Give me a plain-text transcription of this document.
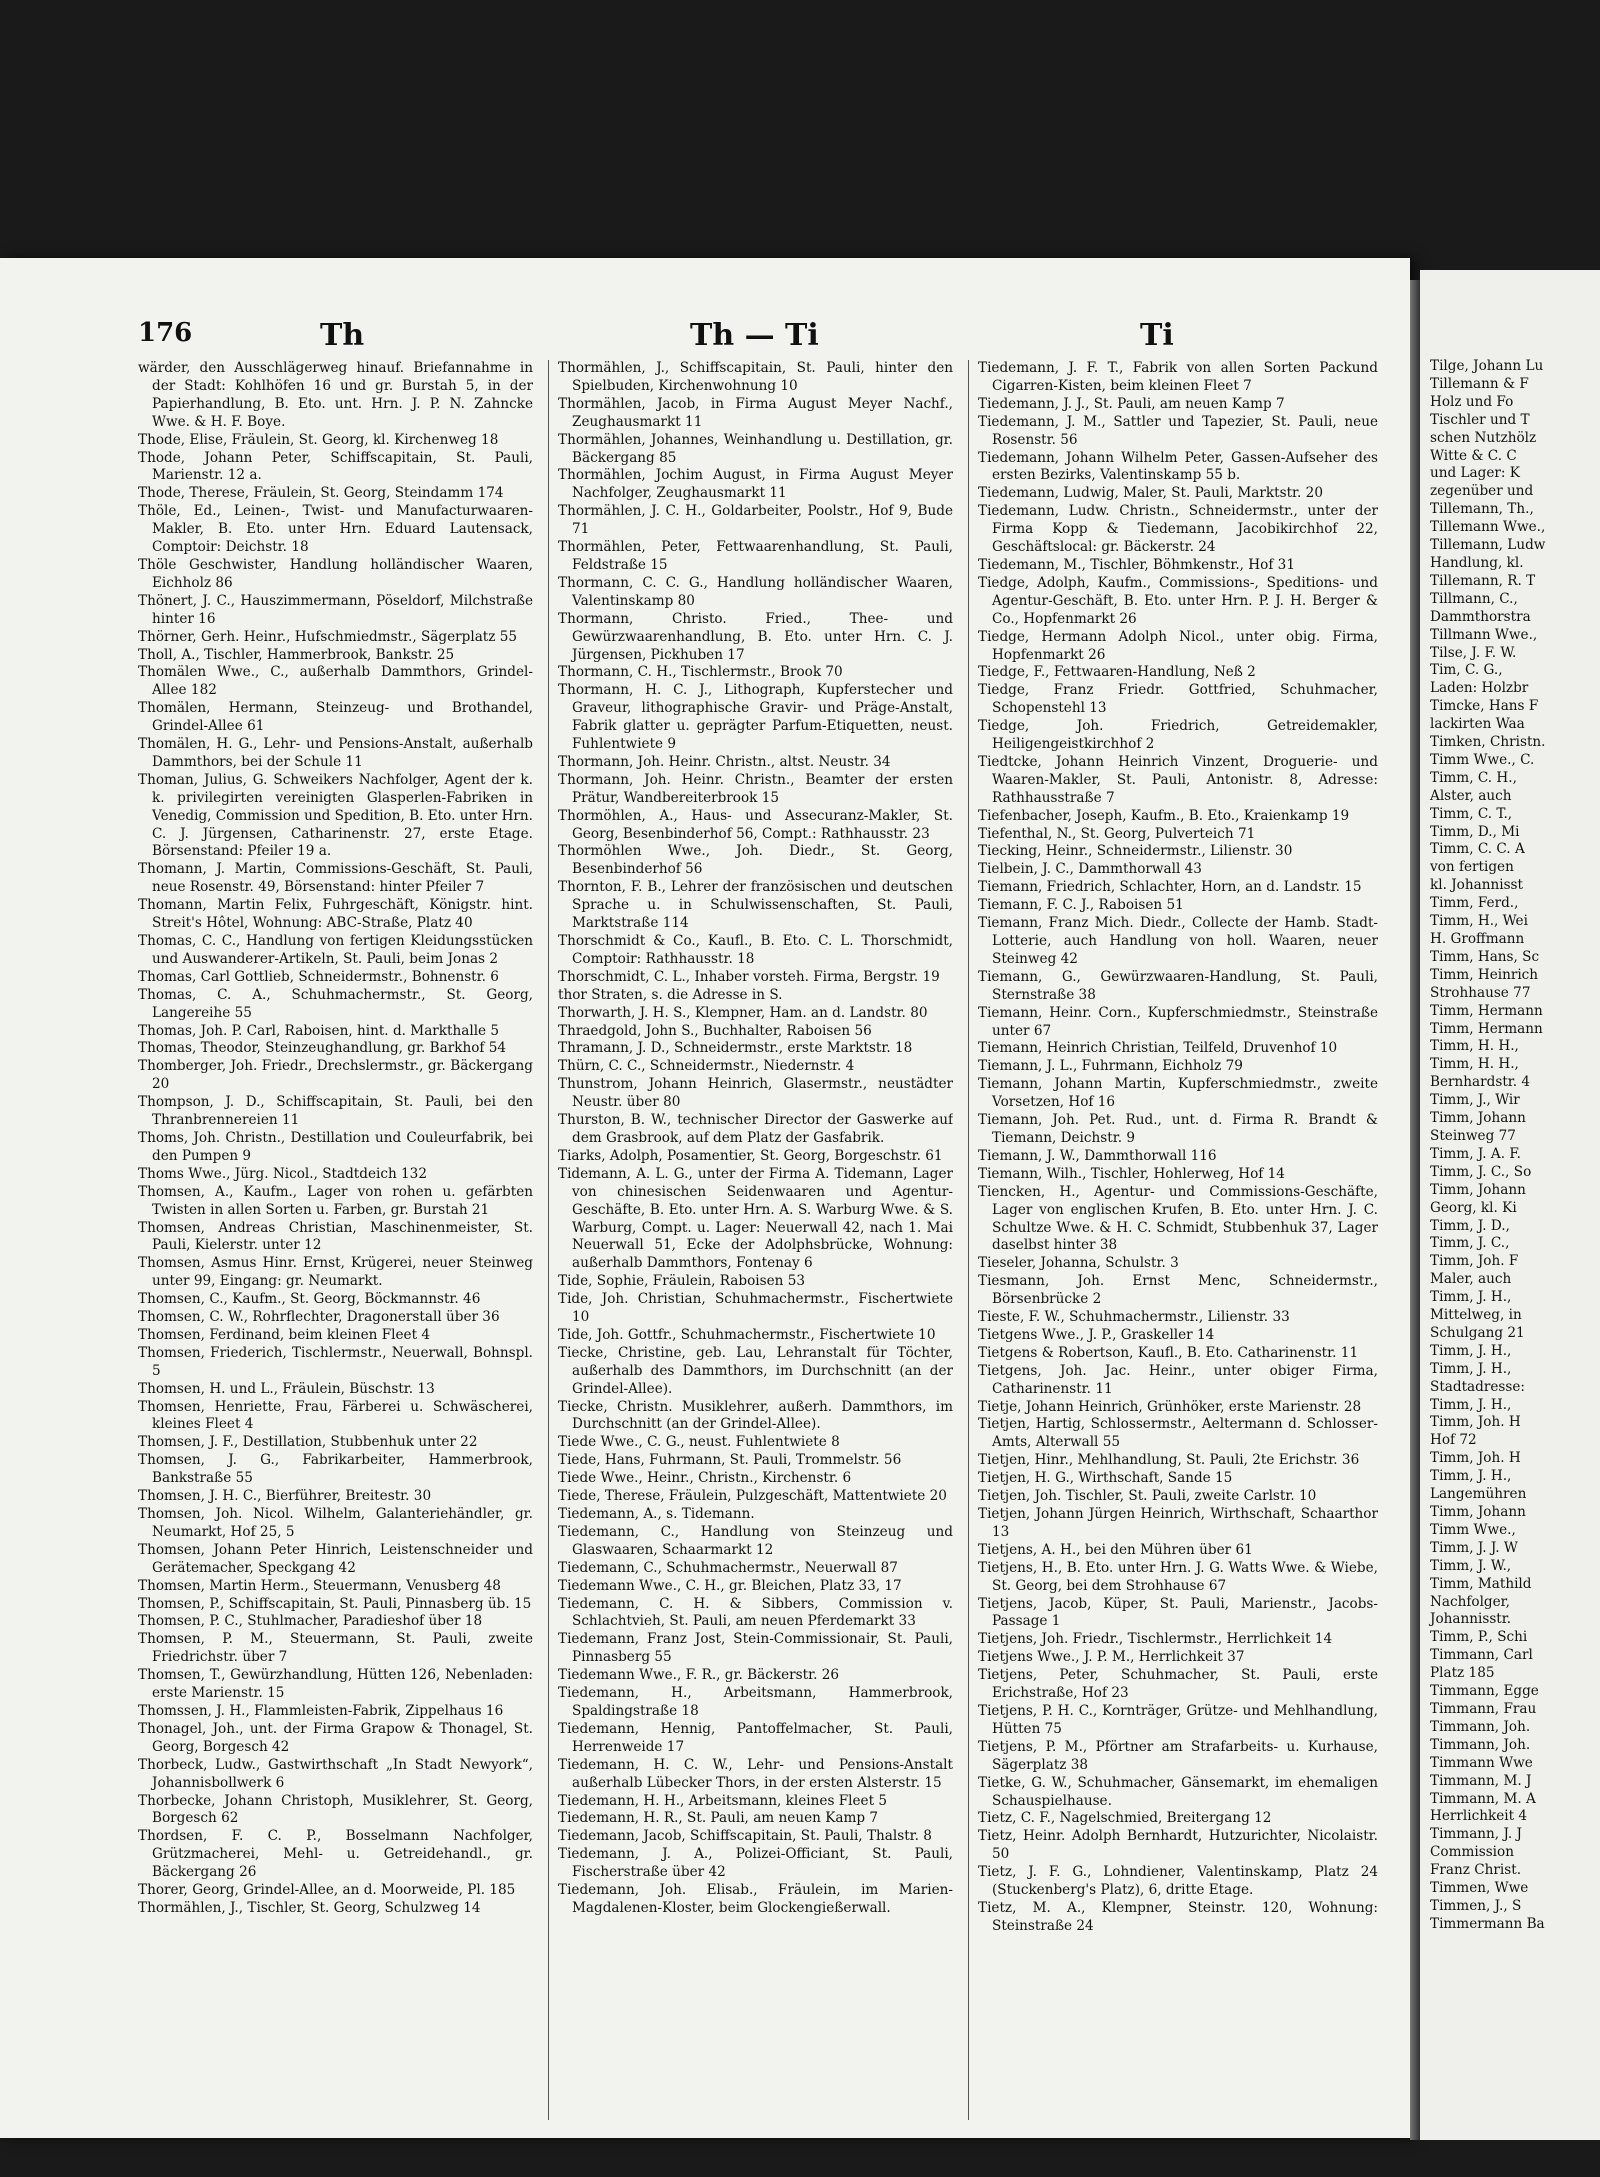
176	Th	Th — Ti	Ti

wärder, den Ausschlägerweg hinauf. Briefannahme in der Stadt: Kohlhöfen 16 und gr. Burstah 5, in der Papierhandlung, B. Eto. unt. Hrn. J. P. N. Zahncke Wwe. & H. F. Boye.

Thode, Elise, Fräulein, St. Georg, kl. Kirchenweg 18

Thode, Johann Peter, Schiffscapitain, St. Pauli, Marienstr. 12 a.

Thode, Therese, Fräulein, St. Georg, Steindamm 174

Thöle, Ed., Leinen-, Twist- und Manufacturwaaren-Makler, B. Eto. unter Hrn. Eduard Lautensack, Comptoir: Deichstr. 18

Thöle Geschwister, Handlung holländischer Waaren, Eichholz 86

Thönert, J. C., Hauszimmermann, Pöseldorf, Milchstraße hinter 16

Thörner, Gerh. Heinr., Hufschmiedmstr., Sägerplatz 55

Tholl, A., Tischler, Hammerbrook, Bankstr. 25

Thomälen Wwe., C., außerhalb Dammthors, Grindel-Allee 182

Thomälen, Hermann, Steinzeug- und Brothandel, Grindel-Allee 61

Thomälen, H. G., Lehr- und Pensions-Anstalt, außerhalb Dammthors, bei der Schule 11

Thoman, Julius, G. Schweikers Nachfolger, Agent der k. k. privilegirten vereinigten Glasperlen-Fabriken in Venedig, Commission und Spedition, B. Eto. unter Hrn. C. J. Jürgensen, Catharinenstr. 27, erste Etage. Börsenstand: Pfeiler 19 a.

Thomann, J. Martin, Commissions-Geschäft, St. Pauli, neue Rosenstr. 49, Börsenstand: hinter Pfeiler 7

Thomann, Martin Felix, Fuhrgeschäft, Königstr. hint. Streit's Hôtel, Wohnung: ABC-Straße, Platz 40

Thomas, C. C., Handlung von fertigen Kleidungsstücken und Auswanderer-Artikeln, St. Pauli, beim Jonas 2

Thomas, Carl Gottlieb, Schneidermstr., Bohnenstr. 6

Thomas, C. A., Schuhmachermstr., St. Georg, Langereihe 55

Thomas, Joh. P. Carl, Raboisen, hint. d. Markthalle 5

Thomas, Theodor, Steinzeughandlung, gr. Barkhof 54

Thomberger, Joh. Friedr., Drechslermstr., gr. Bäckergang 20

Thompson, J. D., Schiffscapitain, St. Pauli, bei den Thranbrennereien 11

Thoms, Joh. Christn., Destillation und Couleurfabrik, bei den Pumpen 9

Thoms Wwe., Jürg. Nicol., Stadtdeich 132

Thomsen, A., Kaufm., Lager von rohen u. gefärbten Twisten in allen Sorten u. Farben, gr. Burstah 21

Thomsen, Andreas Christian, Maschinenmeister, St. Pauli, Kielerstr. unter 12

Thomsen, Asmus Hinr. Ernst, Krügerei, neuer Steinweg unter 99, Eingang: gr. Neumarkt.

Thomsen, C., Kaufm., St. Georg, Böckmannstr. 46

Thomsen, C. W., Rohrflechter, Dragonerstall über 36

Thomsen, Ferdinand, beim kleinen Fleet 4

Thomsen, Friederich, Tischlermstr., Neuerwall, Bohnspl. 5

Thomsen, H. und L., Fräulein, Büschstr. 13

Thomsen, Henriette, Frau, Färberei u. Schwäscherei, kleines Fleet 4

Thomsen, J. F., Destillation, Stubbenhuk unter 22

Thomsen, J. G., Fabrikarbeiter, Hammerbrook, Bankstraße 55

Thomsen, J. H. C., Bierführer, Breitestr. 30

Thomsen, Joh. Nicol. Wilhelm, Galanteriehändler, gr. Neumarkt, Hof 25, 5

Thomsen, Johann Peter Hinrich, Leistenschneider und Gerätemacher, Speckgang 42

Thomsen, Martin Herm., Steuermann, Venusberg 48

Thomsen, P., Schiffscapitain, St. Pauli, Pinnasberg üb. 15

Thomsen, P. C., Stuhlmacher, Paradieshof über 18

Thomsen, P. M., Steuermann, St. Pauli, zweite Friedrichstr. über 7

Thomsen, T., Gewürzhandlung, Hütten 126, Nebenladen: erste Marienstr. 15

Thomssen, J. H., Flammleisten-Fabrik, Zippelhaus 16

Thonagel, Joh., unt. der Firma Grapow & Thonagel, St. Georg, Borgesch 42

Thorbeck, Ludw., Gastwirthschaft „In Stadt Newyork“, Johannisbollwerk 6

Thorbecke, Johann Christoph, Musiklehrer, St. Georg, Borgesch 62

Thordsen, F. C. P., Bosselmann Nachfolger, Grützmacherei, Mehl- u. Getreidehandl., gr. Bäckergang 26

Thorer, Georg, Grindel-Allee, an d. Moorweide, Pl. 185

Thormählen, J., Tischler, St. Georg, Schulzweg 14

Thormählen, J., Schiffscapitain, St. Pauli, hinter den Spielbuden, Kirchenwohnung 10

Thormählen, Jacob, in Firma August Meyer Nachf., Zeughausmarkt 11

Thormählen, Johannes, Weinhandlung u. Destillation, gr. Bäckergang 85

Thormählen, Jochim August, in Firma August Meyer Nachfolger, Zeughausmarkt 11

Thormählen, J. C. H., Goldarbeiter, Poolstr., Hof 9, Bude 71

Thormählen, Peter, Fettwaarenhandlung, St. Pauli, Feldstraße 15

Thormann, C. C. G., Handlung holländischer Waaren, Valentinskamp 80

Thormann, Christo. Fried., Thee- und Gewürzwaarenhandlung, B. Eto. unter Hrn. C. J. Jürgensen, Pickhuben 17

Thormann, C. H., Tischlermstr., Brook 70

Thormann, H. C. J., Lithograph, Kupferstecher und Graveur, lithographische Gravir- und Präge-Anstalt, Fabrik glatter u. geprägter Parfum-Etiquetten, neust. Fuhlentwiete 9

Thormann, Joh. Heinr. Christn., altst. Neustr. 34

Thormann, Joh. Heinr. Christn., Beamter der ersten Prätur, Wandbereiterbrook 15

Thormöhlen, A., Haus- und Assecuranz-Makler, St. Georg, Besenbinderhof 56, Compt.: Rathhausstr. 23

Thormöhlen Wwe., Joh. Diedr., St. Georg, Besenbinderhof 56

Thornton, F. B., Lehrer der französischen und deutschen Sprache u. in Schulwissenschaften, St. Pauli, Marktstraße 114

Thorschmidt & Co., Kaufl., B. Eto. C. L. Thorschmidt, Comptoir: Rathhausstr. 18

Thorschmidt, C. L., Inhaber vorsteh. Firma, Bergstr. 19

thor Straten, s. die Adresse in S.

Thorwarth, J. H. S., Klempner, Ham. an d. Landstr. 80

Thraedgold, John S., Buchhalter, Raboisen 56

Thramann, J. D., Schneidermstr., erste Marktstr. 18

Thürn, C. C., Schneidermstr., Niedernstr. 4

Thunstrom, Johann Heinrich, Glasermstr., neustädter Neustr. über 80

Thurston, B. W., technischer Director der Gaswerke auf dem Grasbrook, auf dem Platz der Gasfabrik.

Tiarks, Adolph, Posamentier, St. Georg, Borgeschstr. 61

Tidemann, A. L. G., unter der Firma A. Tidemann, Lager von chinesischen Seidenwaaren und Agentur-Geschäfte, B. Eto. unter Hrn. A. S. Warburg Wwe. & S. Warburg, Compt. u. Lager: Neuerwall 42, nach 1. Mai Neuerwall 51, Ecke der Adolphsbrücke, Wohnung: außerhalb Dammthors, Fontenay 6

Tide, Sophie, Fräulein, Raboisen 53

Tide, Joh. Christian, Schuhmachermstr., Fischertwiete 10

Tide, Joh. Gottfr., Schuhmachermstr., Fischertwiete 10

Tiecke, Christine, geb. Lau, Lehranstalt für Töchter, außerhalb des Dammthors, im Durchschnitt (an der Grindel-Allee).

Tiecke, Christn. Musiklehrer, außerh. Dammthors, im Durchschnitt (an der Grindel-Allee).

Tiede Wwe., C. G., neust. Fuhlentwiete 8

Tiede, Hans, Fuhrmann, St. Pauli, Trommelstr. 56

Tiede Wwe., Heinr., Christn., Kirchenstr. 6

Tiede, Therese, Fräulein, Pulzgeschäft, Mattentwiete 20

Tiedemann, A., s. Tidemann.

Tiedemann, C., Handlung von Steinzeug und Glaswaaren, Schaarmarkt 12

Tiedemann, C., Schuhmachermstr., Neuerwall 87

Tiedemann Wwe., C. H., gr. Bleichen, Platz 33, 17

Tiedemann, C. H. & Sibbers, Commission v. Schlachtvieh, St. Pauli, am neuen Pferdemarkt 33

Tiedemann, Franz Jost, Stein-Commissionair, St. Pauli, Pinnasberg 55

Tiedemann Wwe., F. R., gr. Bäckerstr. 26

Tiedemann, H., Arbeitsmann, Hammerbrook, Spaldingstraße 18

Tiedemann, Hennig, Pantoffelmacher, St. Pauli, Herrenweide 17

Tiedemann, H. C. W., Lehr- und Pensions-Anstalt außerhalb Lübecker Thors, in der ersten Alsterstr. 15

Tiedemann, H. H., Arbeitsmann, kleines Fleet 5

Tiedemann, H. R., St. Pauli, am neuen Kamp 7

Tiedemann, Jacob, Schiffscapitain, St. Pauli, Thalstr. 8

Tiedemann, J. A., Polizei-Officiant, St. Pauli, Fischerstraße über 42

Tiedemann, Joh. Elisab., Fräulein, im Marien-Magdalenen-Kloster, beim Glockengießerwall.

Tiedemann, J. F. T., Fabrik von allen Sorten Packund Cigarren-Kisten, beim kleinen Fleet 7

Tiedemann, J. J., St. Pauli, am neuen Kamp 7

Tiedemann, J. M., Sattler und Tapezier, St. Pauli, neue Rosenstr. 56

Tiedemann, Johann Wilhelm Peter, Gassen-Aufseher des ersten Bezirks, Valentinskamp 55 b.

Tiedemann, Ludwig, Maler, St. Pauli, Marktstr. 20

Tiedemann, Ludw. Christn., Schneidermstr., unter der Firma Kopp & Tiedemann, Jacobikirchhof 22, Geschäftslocal: gr. Bäckerstr. 24

Tiedemann, M., Tischler, Böhmkenstr., Hof 31

Tiedge, Adolph, Kaufm., Commissions-, Speditions- und Agentur-Geschäft, B. Eto. unter Hrn. P. J. H. Berger & Co., Hopfenmarkt 26

Tiedge, Hermann Adolph Nicol., unter obig. Firma, Hopfenmarkt 26

Tiedge, F., Fettwaaren-Handlung, Neß 2

Tiedge, Franz Friedr. Gottfried, Schuhmacher, Schopenstehl 13

Tiedge, Joh. Friedrich, Getreidemakler, Heiligengeistkirchhof 2

Tiedtcke, Johann Heinrich Vinzent, Droguerie- und Waaren-Makler, St. Pauli, Antonistr. 8, Adresse: Rathhausstraße 7

Tiefenbacher, Joseph, Kaufm., B. Eto., Kraienkamp 19

Tiefenthal, N., St. Georg, Pulverteich 71

Tiecking, Heinr., Schneidermstr., Lilienstr. 30

Tielbein, J. C., Dammthorwall 43

Tiemann, Friedrich, Schlachter, Horn, an d. Landstr. 15

Tiemann, F. C. J., Raboisen 51

Tiemann, Franz Mich. Diedr., Collecte der Hamb. Stadt-Lotterie, auch Handlung von holl. Waaren, neuer Steinweg 42

Tiemann, G., Gewürzwaaren-Handlung, St. Pauli, Sternstraße 38

Tiemann, Heinr. Corn., Kupferschmiedmstr., Steinstraße unter 67

Tiemann, Heinrich Christian, Teilfeld, Druvenhof 10

Tiemann, J. L., Fuhrmann, Eichholz 79

Tiemann, Johann Martin, Kupferschmiedmstr., zweite Vorsetzen, Hof 16

Tiemann, Joh. Pet. Rud., unt. d. Firma R. Brandt & Tiemann, Deichstr. 9

Tiemann, J. W., Dammthorwall 116

Tiemann, Wilh., Tischler, Hohlerweg, Hof 14

Tiencken, H., Agentur- und Commissions-Geschäfte, Lager von englischen Krufen, B. Eto. unter Hrn. J. C. Schultze Wwe. & H. C. Schmidt, Stubbenhuk 37, Lager daselbst hinter 38

Tieseler, Johanna, Schulstr. 3

Tiesmann, Joh. Ernst Menc, Schneidermstr., Börsenbrücke 2

Tieste, F. W., Schuhmachermstr., Lilienstr. 33

Tietgens Wwe., J. P., Graskeller 14

Tietgens & Robertson, Kaufl., B. Eto. Catharinenstr. 11

Tietgens, Joh. Jac. Heinr., unter obiger Firma, Catharinenstr. 11

Tietje, Johann Heinrich, Grünhöker, erste Marienstr. 28

Tietjen, Hartig, Schlossermstr., Aeltermann d. Schlosser-Amts, Alterwall 55

Tietjen, Hinr., Mehlhandlung, St. Pauli, 2te Erichstr. 36

Tietjen, H. G., Wirthschaft, Sande 15

Tietjen, Joh. Tischler, St. Pauli, zweite Carlstr. 10

Tietjen, Johann Jürgen Heinrich, Wirthschaft, Schaarthor 13

Tietjens, A. H., bei den Mühren über 61

Tietjens, H., B. Eto. unter Hrn. J. G. Watts Wwe. & Wiebe, St. Georg, bei dem Strohhause 67

Tietjens, Jacob, Küper, St. Pauli, Marienstr., Jacobs-Passage 1

Tietjens, Joh. Friedr., Tischlermstr., Herrlichkeit 14

Tietjens Wwe., J. P. M., Herrlichkeit 37

Tietjens, Peter, Schuhmacher, St. Pauli, erste Erichstraße, Hof 23

Tietjens, P. H. C., Kornträger, Grütze- und Mehlhandlung, Hütten 75

Tietjens, P. M., Pförtner am Strafarbeits- u. Kurhause, Sägerplatz 38

Tietke, G. W., Schuhmacher, Gänsemarkt, im ehemaligen Schauspielhause.

Tietz, C. F., Nagelschmied, Breitergang 12

Tietz, Heinr. Adolph Bernhardt, Hutzurichter, Nicolaistr. 50

Tietz, J. F. G., Lohndiener, Valentinskamp, Platz 24 (Stuckenberg's Platz), 6, dritte Etage.

Tietz, M. A., Klempner, Steinstr. 120, Wohnung: Steinstraße 24

Tilge, Johann Lu

Tillemann & F

Holz und Fo

Tischler und T

schen Nutzhölz

Witte & C. C

und Lager: K

zegenüber und

Tillemann, Th.,

Tillemann Wwe.,

Tillemann, Ludw

Handlung, kl.

Tillemann, R. T

Tillmann, C.,

Dammthorstra

Tillmann Wwe.,

Tilse, J. F. W.

Tim, C. G.,

Laden: Holzbr

Timcke, Hans F

lackirten Waa

Timken, Christn.

Timm Wwe., C.

Timm, C. H.,

Alster, auch

Timm, C. T.,

Timm, D., Mi

Timm, C. C. A

von fertigen

kl. Johannisst

Timm, Ferd.,

Timm, H., Wei

H. Groffmann

Timm, Hans, Sc

Timm, Heinrich

Strohhause 77

Timm, Hermann

Timm, Hermann

Timm, H. H.,

Timm, H. H.,

Bernhardstr. 4

Timm, J., Wir

Timm, Johann

Steinweg 77

Timm, J. A. F.

Timm, J. C., So

Timm, Johann

Georg, kl. Ki

Timm, J. D.,

Timm, J. C.,

Timm, Joh. F

Maler, auch

Timm, J. H.,

Mittelweg, in

Schulgang 21

Timm, J. H.,

Timm, J. H.,

Stadtadresse:

Timm, J. H.,

Timm, Joh. H

Hof 72

Timm, Joh. H

Timm, J. H.,

Langemühren

Timm, Johann

Timm Wwe.,

Timm, J. J. W

Timm, J. W.,

Timm, Mathild

Nachfolger,

Johannisstr.

Timm, P., Schi

Timmann, Carl

Platz 185

Timmann, Egge

Timmann, Frau

Timmann, Joh.

Timmann, Joh.

Timmann Wwe

Timmann, M. J

Timmann, M. A

Herrlichkeit 4

Timmann, J. J

Commission

Franz Christ.

Timmen, Wwe

Timmen, J., S

Timmermann Ba
